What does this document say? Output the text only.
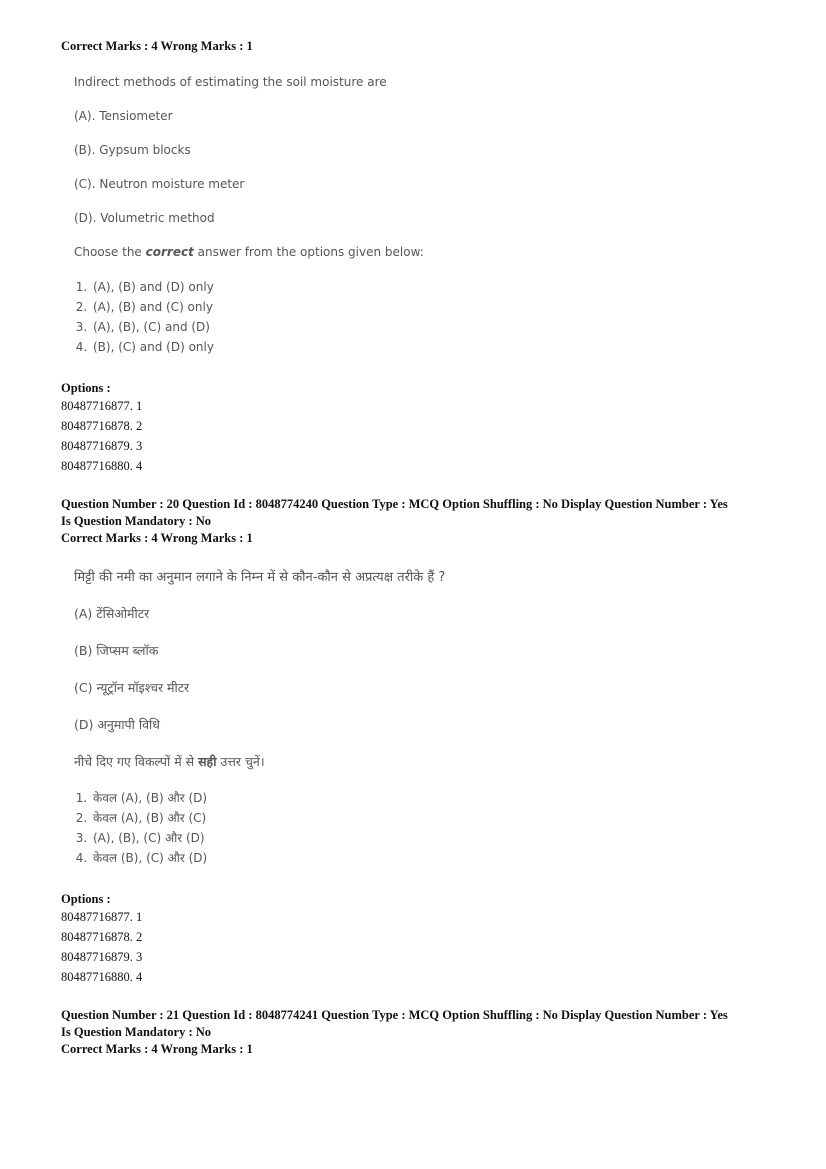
Correct Marks : 4 Wrong Marks : 1

Indirect methods of estimating the soil moisture are

(A). Tensiometer

(B). Gypsum blocks

(C). Neutron moisture meter

(D). Volumetric method

Choose the correct answer from the options given below:

1. (A), (B) and (D) only
2. (A), (B) and (C) only
3. (A), (B), (C) and (D)
4. (B), (C) and (D) only

Options :

80487716877. 1

80487716878. 2

80487716879. 3

80487716880. 4

Question Number : 20 Question Id : 8048774240 Question Type : MCQ Option Shuffling : No Display Question Number : Yes

Is Question Mandatory : No

Correct Marks : 4 Wrong Marks : 1

मिट्टी की नमी का अनुमान लगाने के निम्न में से कौन-कौन से अप्रत्यक्ष तरीके हैं ?

(A) टेंसिओमीटर

(B) जिप्सम ब्लॉक

(C) न्यूट्रॉन मॉइश्चर मीटर

(D) अनुमापी विधि

नीचे दिए गए विकल्पों में से सही उत्तर चुनें।

1. केवल (A), (B) और (D)
2. केवल (A), (B) और (C)
3. (A), (B), (C) और (D)
4. केवल (B), (C) और (D)

Options :

80487716877. 1

80487716878. 2

80487716879. 3

80487716880. 4

Question Number : 21 Question Id : 8048774241 Question Type : MCQ Option Shuffling : No Display Question Number : Yes

Is Question Mandatory : No

Correct Marks : 4 Wrong Marks : 1
